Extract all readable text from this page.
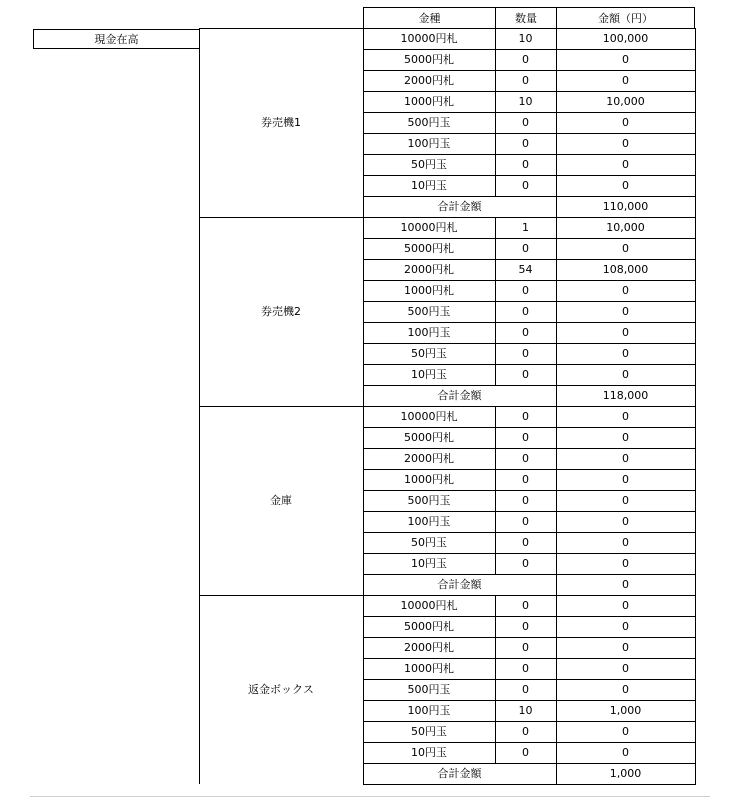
金種	数量	金額（円）
現金在高
券売機1
10000円札	10	100,000
5000円札	0	0
2000円札	0	0
1000円札	10	10,000
500円玉	0	0
100円玉	0	0
50円玉	0	0
10円玉	0	0
合計金額	110,000
券売機2
10000円札	1	10,000
5000円札	0	0
2000円札	54	108,000
1000円札	0	0
500円玉	0	0
100円玉	0	0
50円玉	0	0
10円玉	0	0
合計金額	118,000
金庫
10000円札	0	0
5000円札	0	0
2000円札	0	0
1000円札	0	0
500円玉	0	0
100円玉	0	0
50円玉	0	0
10円玉	0	0
合計金額	0
返金ボックス
10000円札	0	0
5000円札	0	0
2000円札	0	0
1000円札	0	0
500円玉	0	0
100円玉	10	1,000
50円玉	0	0
10円玉	0	0
合計金額	1,000
